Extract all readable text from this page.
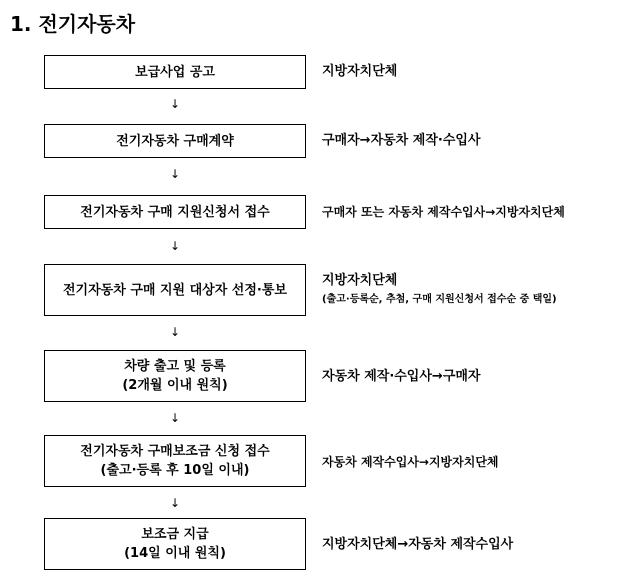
1. 전기자동차
보급사업 공고	지방자치단체
↓
전기자동차 구매계약	구매자→자동차 제작·수입사
↓
전기자동차 구매 지원신청서 접수	구매자 또는 자동차 제작수입사→지방자치단체
↓
전기자동차 구매 지원 대상자 선정·통보
지방자치단체
(출고·등록순, 추첨, 구매 지원신청서 접수순 중 택일)
↓
차량 출고 및 등록
(2개월 이내 원칙)
자동차 제작·수입사→구매자
↓
전기자동차 구매보조금 신청 접수
(출고·등록 후 10일 이내)
자동차 제작수입사→지방자치단체
↓
보조금 지급
(14일 이내 원칙)
지방자치단체→자동차 제작수입사
